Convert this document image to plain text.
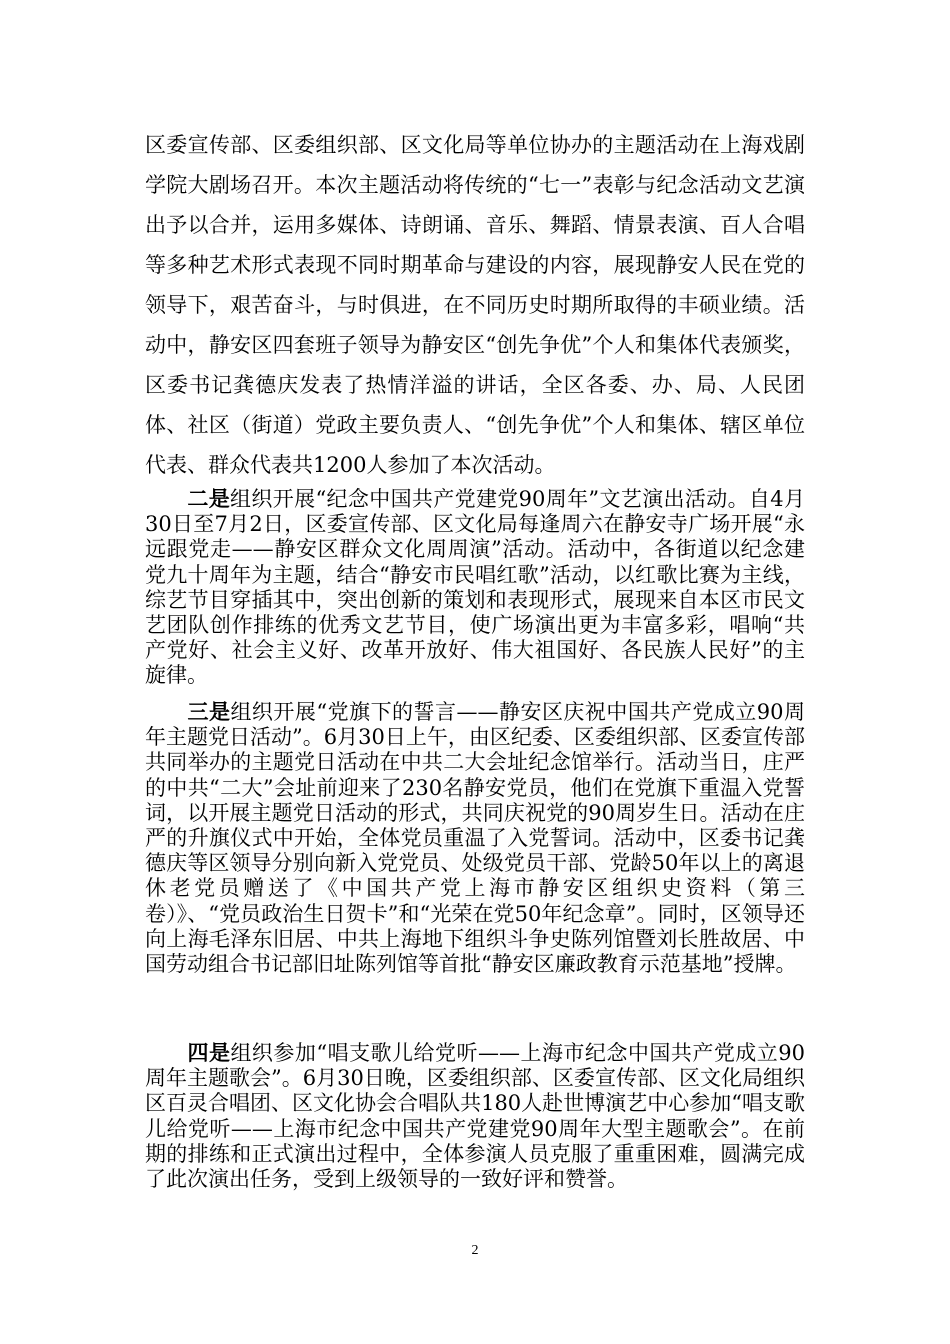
区委宣传部、区委组织部、区文化局等单位协办的主题活动在上海戏剧学院大剧场召开。本次主题活动将传统的“七一”表彰与纪念活动文艺演出予以合并，运用多媒体、诗朗诵、音乐、舞蹈、情景表演、百人合唱等多种艺术形式表现不同时期革命与建设的内容，展现静安人民在党的领导下，艰苦奋斗，与时俱进，在不同历史时期所取得的丰硕业绩。活动中，静安区四套班子领导为静安区“创先争优”个人和集体代表颁奖，区委书记龚德庆发表了热情洋溢的讲话，全区各委、办、局、人民团体、社区（街道）党政主要负责人、“创先争优”个人和集体、辖区单位代表、群众代表共1200人参加了本次活动。

二是组织开展“纪念中国共产党建党90周年”文艺演出活动。自4月30日至7月2日，区委宣传部、区文化局每逢周六在静安寺广场开展“永远跟党走——静安区群众文化周周演”活动。活动中，各街道以纪念建党九十周年为主题，结合“静安市民唱红歌”活动，以红歌比赛为主线，综艺节目穿插其中，突出创新的策划和表现形式，展现来自本区市民文艺团队创作排练的优秀文艺节目，使广场演出更为丰富多彩，唱响“共产党好、社会主义好、改革开放好、伟大祖国好、各民族人民好”的主旋律。

三是组织开展“党旗下的誓言——静安区庆祝中国共产党成立90周年主题党日活动”。6月30日上午，由区纪委、区委组织部、区委宣传部共同举办的主题党日活动在中共二大会址纪念馆举行。活动当日，庄严的中共“二大”会址前迎来了230名静安党员，他们在党旗下重温入党誓词，以开展主题党日活动的形式，共同庆祝党的90周岁生日。活动在庄严的升旗仪式中开始，全体党员重温了入党誓词。活动中，区委书记龚德庆等区领导分别向新入党党员、处级党员干部、党龄50年以上的离退休老党员赠送了《中国共产党上海市静安区组织史资料（第三卷）》、“党员政治生日贺卡”和“光荣在党50年纪念章”。同时，区领导还向上海毛泽东旧居、中共上海地下组织斗争史陈列馆暨刘长胜故居、中国劳动组合书记部旧址陈列馆等首批“静安区廉政教育示范基地”授牌。

四是组织参加“唱支歌儿给党听——上海市纪念中国共产党成立90周年主题歌会”。6月30日晚，区委组织部、区委宣传部、区文化局组织区百灵合唱团、区文化协会合唱队共180人赴世博演艺中心参加“唱支歌儿给党听——上海市纪念中国共产党建党90周年大型主题歌会”。在前期的排练和正式演出过程中，全体参演人员克服了重重困难，圆满完成了此次演出任务，受到上级领导的一致好评和赞誉。

2
